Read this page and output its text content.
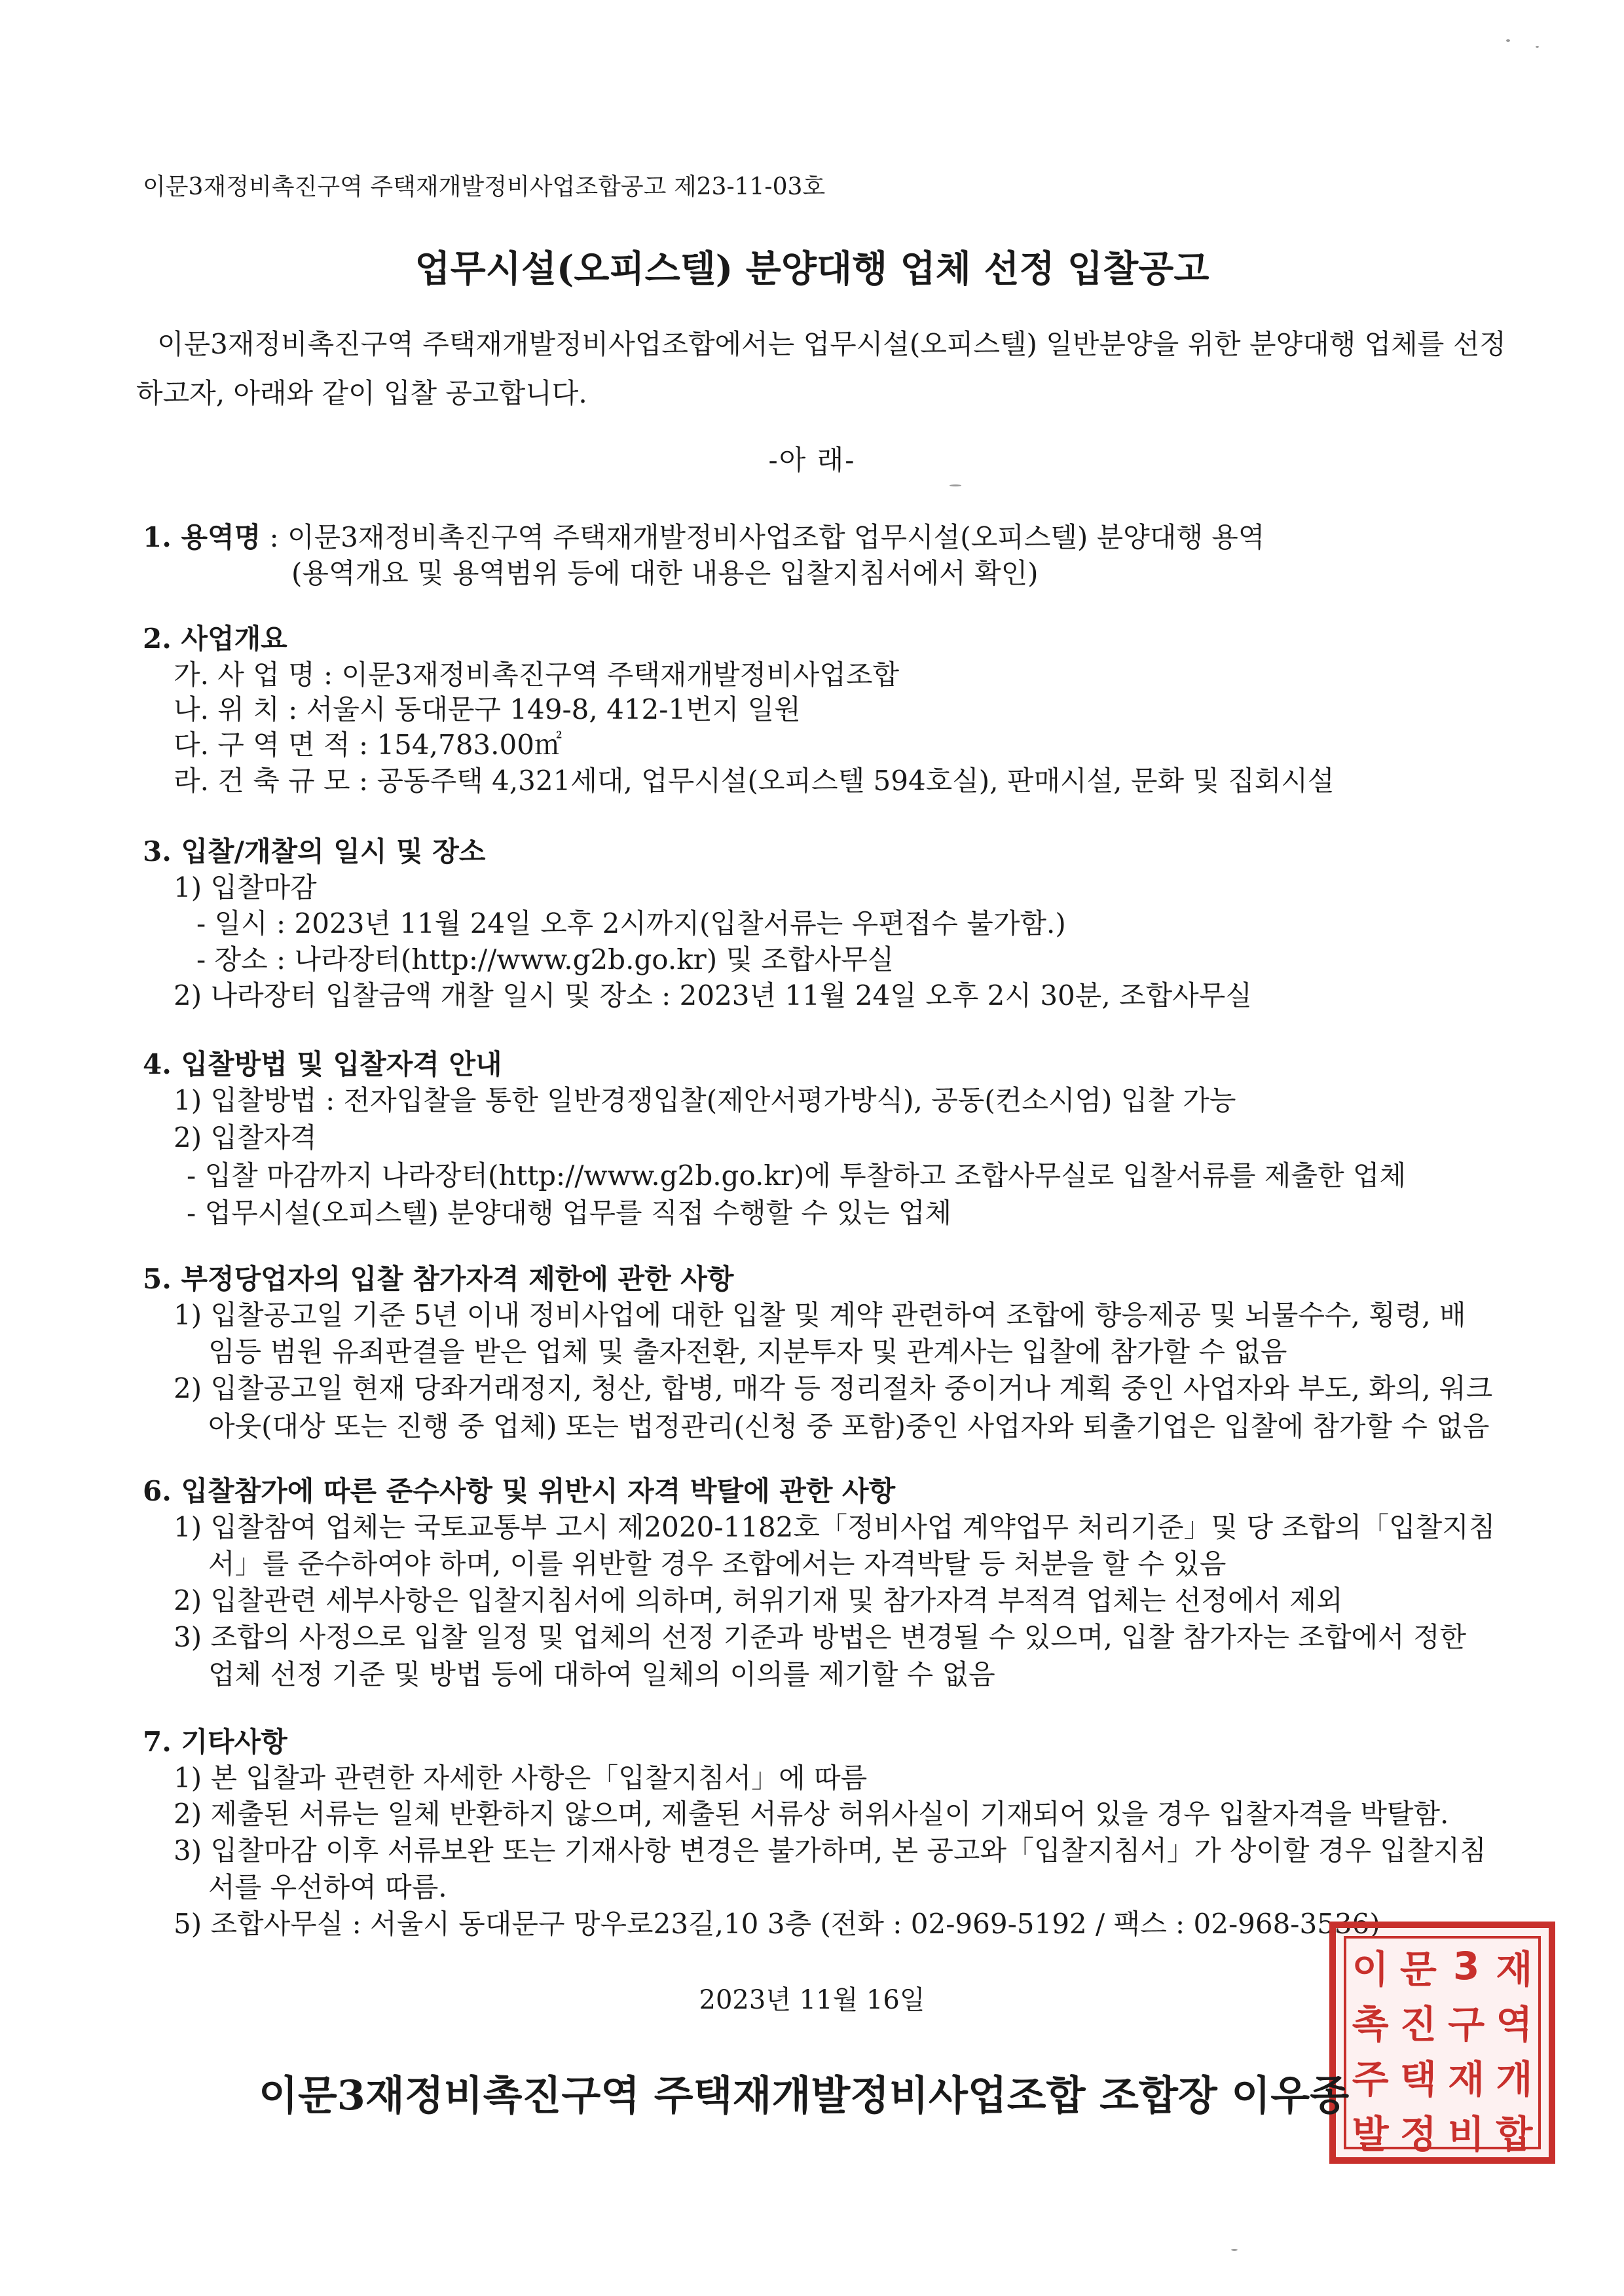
이문3재정비촉진구역 주택재개발정비사업조합공고 제23-11-03호
업무시설(오피스텔) 분양대행 업체 선정 입찰공고
이문3재정비촉진구역 주택재개발정비사업조합에서는 업무시설(오피스텔) 일반분양을 위한 분양대행 업체를 선정
하고자, 아래와 같이 입찰 공고합니다.
-아 래-
1. 용역명 : 이문3재정비촉진구역 주택재개발정비사업조합 업무시설(오피스텔) 분양대행 용역
(용역개요 및 용역범위 등에 대한 내용은 입찰지침서에서 확인)
2. 사업개요
가. 사 업 명 : 이문3재정비촉진구역 주택재개발정비사업조합
나. 위 치 : 서울시 동대문구 149-8, 412-1번지 일원
다. 구 역 면 적 : 154,783.00㎡
라. 건 축 규 모 : 공동주택 4,321세대, 업무시설(오피스텔 594호실), 판매시설, 문화 및 집회시설
3. 입찰/개찰의 일시 및 장소
1) 입찰마감
- 일시 : 2023년 11월 24일 오후 2시까지(입찰서류는 우편접수 불가함.)
- 장소 : 나라장터(http://www.g2b.go.kr) 및 조합사무실
2) 나라장터 입찰금액 개찰 일시 및 장소 : 2023년 11월 24일 오후 2시 30분, 조합사무실
4. 입찰방법 및 입찰자격 안내
1) 입찰방법 : 전자입찰을 통한 일반경쟁입찰(제안서평가방식), 공동(컨소시엄) 입찰 가능
2) 입찰자격
- 입찰 마감까지 나라장터(http://www.g2b.go.kr)에 투찰하고 조합사무실로 입찰서류를 제출한 업체
- 업무시설(오피스텔) 분양대행 업무를 직접 수행할 수 있는 업체
5. 부정당업자의 입찰 참가자격 제한에 관한 사항
1) 입찰공고일 기준 5년 이내 정비사업에 대한 입찰 및 계약 관련하여 조합에 향응제공 및 뇌물수수, 횡령, 배
임등 범원 유죄판결을 받은 업체 및 출자전환, 지분투자 및 관계사는 입찰에 참가할 수 없음
2) 입찰공고일 현재 당좌거래정지, 청산, 합병, 매각 등 정리절차 중이거나 계획 중인 사업자와 부도, 화의, 워크
아웃(대상 또는 진행 중 업체) 또는 법정관리(신청 중 포함)중인 사업자와 퇴출기업은 입찰에 참가할 수 없음
6. 입찰참가에 따른 준수사항 및 위반시 자격 박탈에 관한 사항
1) 입찰참여 업체는 국토교통부 고시 제2020-1182호「정비사업 계약업무 처리기준」및 당 조합의「입찰지침
서」를 준수하여야 하며, 이를 위반할 경우 조합에서는 자격박탈 등 처분을 할 수 있음
2) 입찰관련 세부사항은 입찰지침서에 의하며, 허위기재 및 참가자격 부적격 업체는 선정에서 제외
3) 조합의 사정으로 입찰 일정 및 업체의 선정 기준과 방법은 변경될 수 있으며, 입찰 참가자는 조합에서 정한
업체 선정 기준 및 방법 등에 대하여 일체의 이의를 제기할 수 없음
7. 기타사항
1) 본 입찰과 관련한 자세한 사항은「입찰지침서」에 따름
2) 제출된 서류는 일체 반환하지 않으며, 제출된 서류상 허위사실이 기재되어 있을 경우 입찰자격을 박탈함.
3) 입찰마감 이후 서류보완 또는 기재사항 변경은 불가하며, 본 공고와「입찰지침서」가 상이할 경우 입찰지침
서를 우선하여 따름.
5) 조합사무실 : 서울시 동대문구 망우로23길,10 3층 (전화 : 02-969-5192 / 팩스 : 02-968-3536)
2023년 11월 16일
이 문 3 재
촉 진 구 역
주 택 재 개
발 정 비 합
이문3재정비촉진구역 주택재개발정비사업조합 조합장 이우종
